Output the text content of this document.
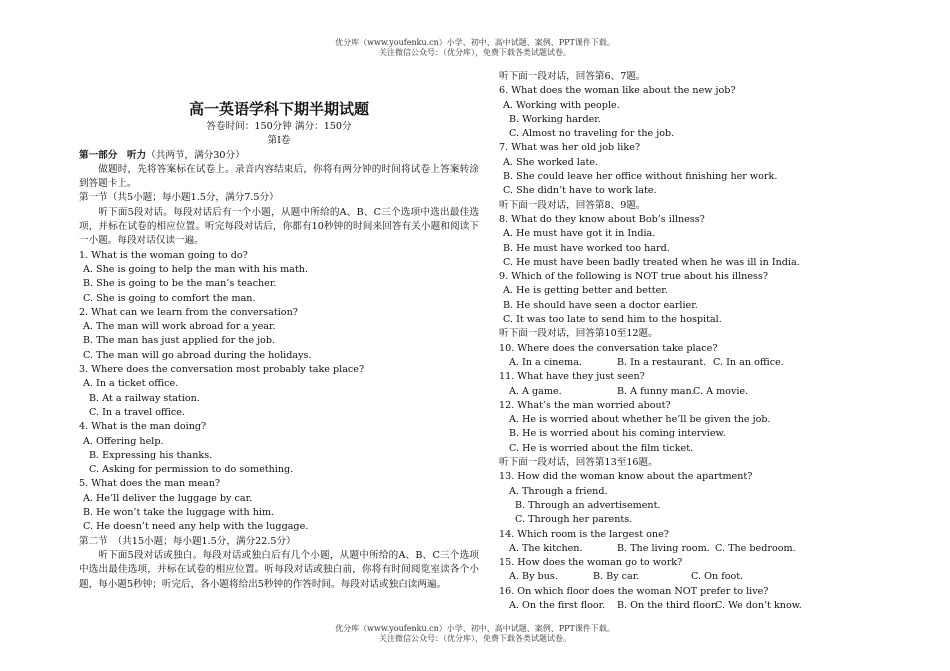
优分库（www.youfenku.cn）小学、初中、高中试题、案例、PPT课件下载。
关注微信公众号：（优分库），免费下载各类试题试卷。
高一英语学科下期半期试题
答卷时间：150分钟 满分：150分
第Ⅰ卷
第一部分　听力（共两节，满分30分）
做题时，先将答案标在试卷上。录音内容结束后，你将有两分钟的时间将试卷上答案转涂到答题卡上。
第一节（共5小题；每小题1.5分，满分7.5分）
听下面5段对话。每段对话后有一个小题，从题中所给的A、B、C三个选项中选出最佳选项，并标在试卷的相应位置。听完每段对话后，你都有10秒钟的时间来回答有关小题和阅读下一小题。每段对话仅读一遍。
1. What is the woman going to do?
A. She is going to help the man with his math.
B. She is going to be the man’s teacher.
C. She is going to comfort the man.
2. What can we learn from the conversation?
A. The man will work abroad for a year.
B. The man has just applied for the job.
C. The man will go abroad during the holidays.
3. Where does the conversation most probably take place?
A. In a ticket office.
B. At a railway station.
C. In a travel office.
4. What is the man doing?
A. Offering help.
B. Expressing his thanks.
C. Asking for permission to do something.
5. What does the man mean?
A. He’ll deliver the luggage by car.
B. He won’t take the luggage with him.
C. He doesn’t need any help with the luggage.
第二节　（共15小题；每小题1.5分，满分22.5分）
听下面5段对话或独白。每段对话或独白后有几个小题，从题中所给的A、B、C三个选项中选出最佳选项，并标在试卷的相应位置。听每段对话或独白前，你将有时间阅览室读各个小题，每小题5秒钟；听完后，各小题将给出5秒钟的作答时间。每段对话或独白读两遍。
听下面一段对话，回答第6、7题。
6. What does the woman like about the new job?
A. Working with people.
B. Working harder.
C. Almost no traveling for the job.
7. What was her old job like?
A. She worked late.
B. She could leave her office without finishing her work.
C. She didn’t have to work late.
听下面一段对话，回答第8、9题。
8. What do they know about Bob’s illness?
A. He must have got it in India.
B. He must have worked too hard.
C. He must have been badly treated when he was ill in India.
9. Which of the following is NOT true about his illness?
A. He is getting better and better.
B. He should have seen a doctor earlier.
C. It was too late to send him to the hospital.
听下面一段对话，回答第10至12题。
10. Where does the conversation take place?
A. In a cinema.	B. In a restaurant. C. In an office.
11. What have they just seen?
A. A game.	B. A funny man.C. A movie.
12. What’s the man worried about?
A. He is worried about whether he’ll be given the job.
B. He is worried about his coming interview.
C. He is worried about the film ticket.
听下面一段对话，回答第13至16题。
13. How did the woman know about the apartment?
A. Through a friend.
B. Through an advertisement.
C. Through her parents.
14. Which room is the largest one?
A. The kitchen.	B. The living room. C. The bedroom.
15. How does the woman go to work?
A. By bus.	B. By car.	C. On foot.
16. On which floor does the woman NOT prefer to live?
A. On the first floor. B. On the third floor.C. We don’t know.
优分库（www.youfenku.cn）小学、初中、高中试题、案例、PPT课件下载。
关注微信公众号：（优分库），免费下载各类试题试卷。
